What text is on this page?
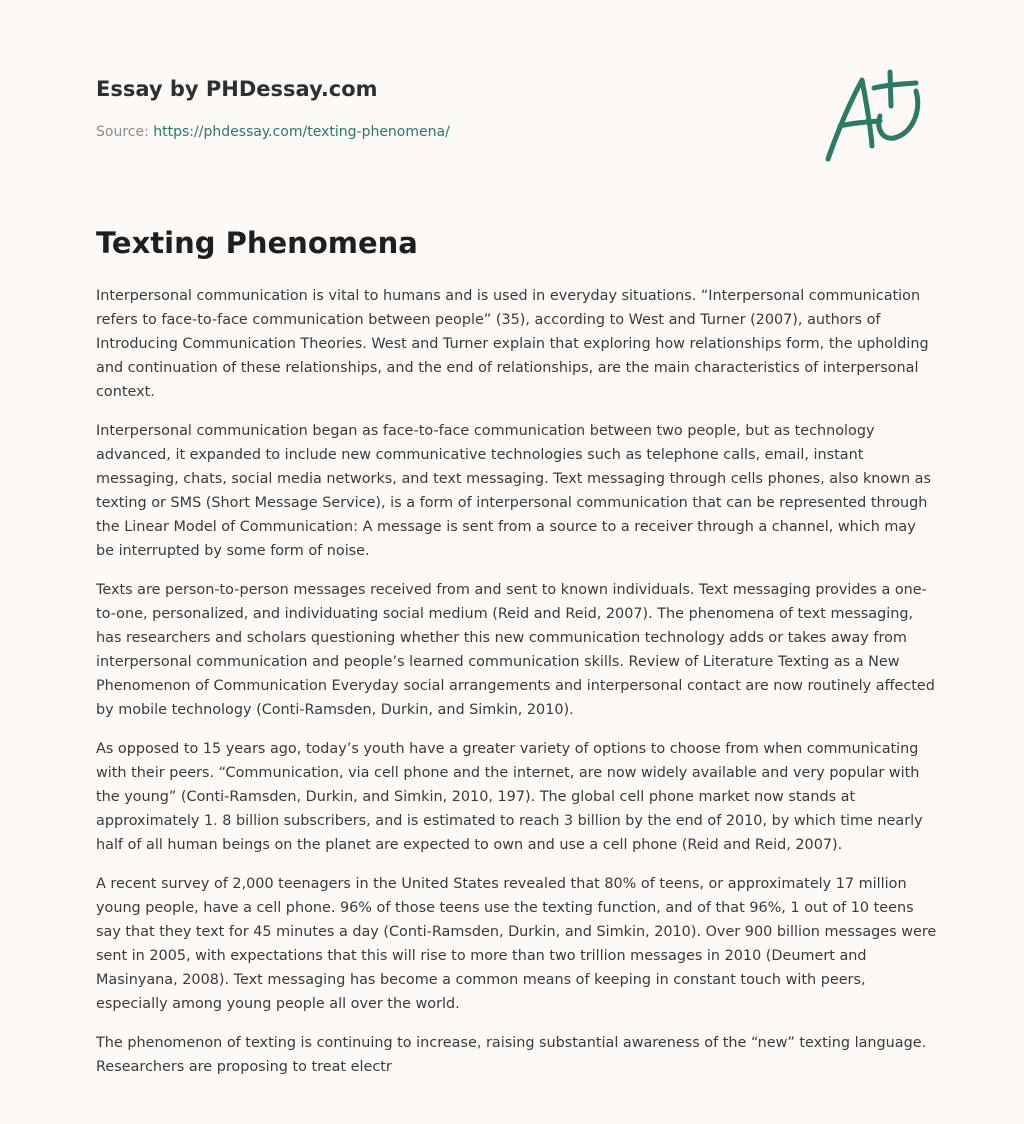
Essay by PHDessay.com
Source: https://phdessay.com/texting-phenomena/
Texting Phenomena

Interpersonal communication is vital to humans and is used in everyday situations. “Interpersonal communication refers to face-to-face communication between people” (35), according to West and Turner (2007), authors of Introducing Communication Theories. West and Turner explain that exploring how relationships form, the upholding and continuation of these relationships, and the end of relationships, are the main characteristics of interpersonal context.

Interpersonal communication began as face-to-face communication between two people, but as technology advanced, it expanded to include new communicative technologies such as telephone calls, email, instant messaging, chats, social media networks, and text messaging. Text messaging through cells phones, also known as texting or SMS (Short Message Service), is a form of interpersonal communication that can be represented through the Linear Model of Communication: A message is sent from a source to a receiver through a channel, which may be interrupted by some form of noise.

Texts are person-to-person messages received from and sent to known individuals. Text messaging provides a one-to-one, personalized, and individuating social medium (Reid and Reid, 2007). The phenomena of text messaging, has researchers and scholars questioning whether this new communication technology adds or takes away from interpersonal communication and people’s learned communication skills. Review of Literature Texting as a New Phenomenon of Communication Everyday social arrangements and interpersonal contact are now routinely affected by mobile technology (Conti-Ramsden, Durkin, and Simkin, 2010).

As opposed to 15 years ago, today’s youth have a greater variety of options to choose from when communicating with their peers. “Communication, via cell phone and the internet, are now widely available and very popular with the young” (Conti-Ramsden, Durkin, and Simkin, 2010, 197). The global cell phone market now stands at approximately 1. 8 billion subscribers, and is estimated to reach 3 billion by the end of 2010, by which time nearly half of all human beings on the planet are expected to own and use a cell phone (Reid and Reid, 2007).

A recent survey of 2,000 teenagers in the United States revealed that 80% of teens, or approximately 17 million young people, have a cell phone. 96% of those teens use the texting function, and of that 96%, 1 out of 10 teens say that they text for 45 minutes a day (Conti-Ramsden, Durkin, and Simkin, 2010). Over 900 billion messages were sent in 2005, with expectations that this will rise to more than two trillion messages in 2010 (Deumert and Masinyana, 2008). Text messaging has become a common means of keeping in constant touch with peers, especially among young people all over the world.

The phenomenon of texting is continuing to increase, raising substantial awareness of the “new” texting language. Researchers are proposing to treat electr
